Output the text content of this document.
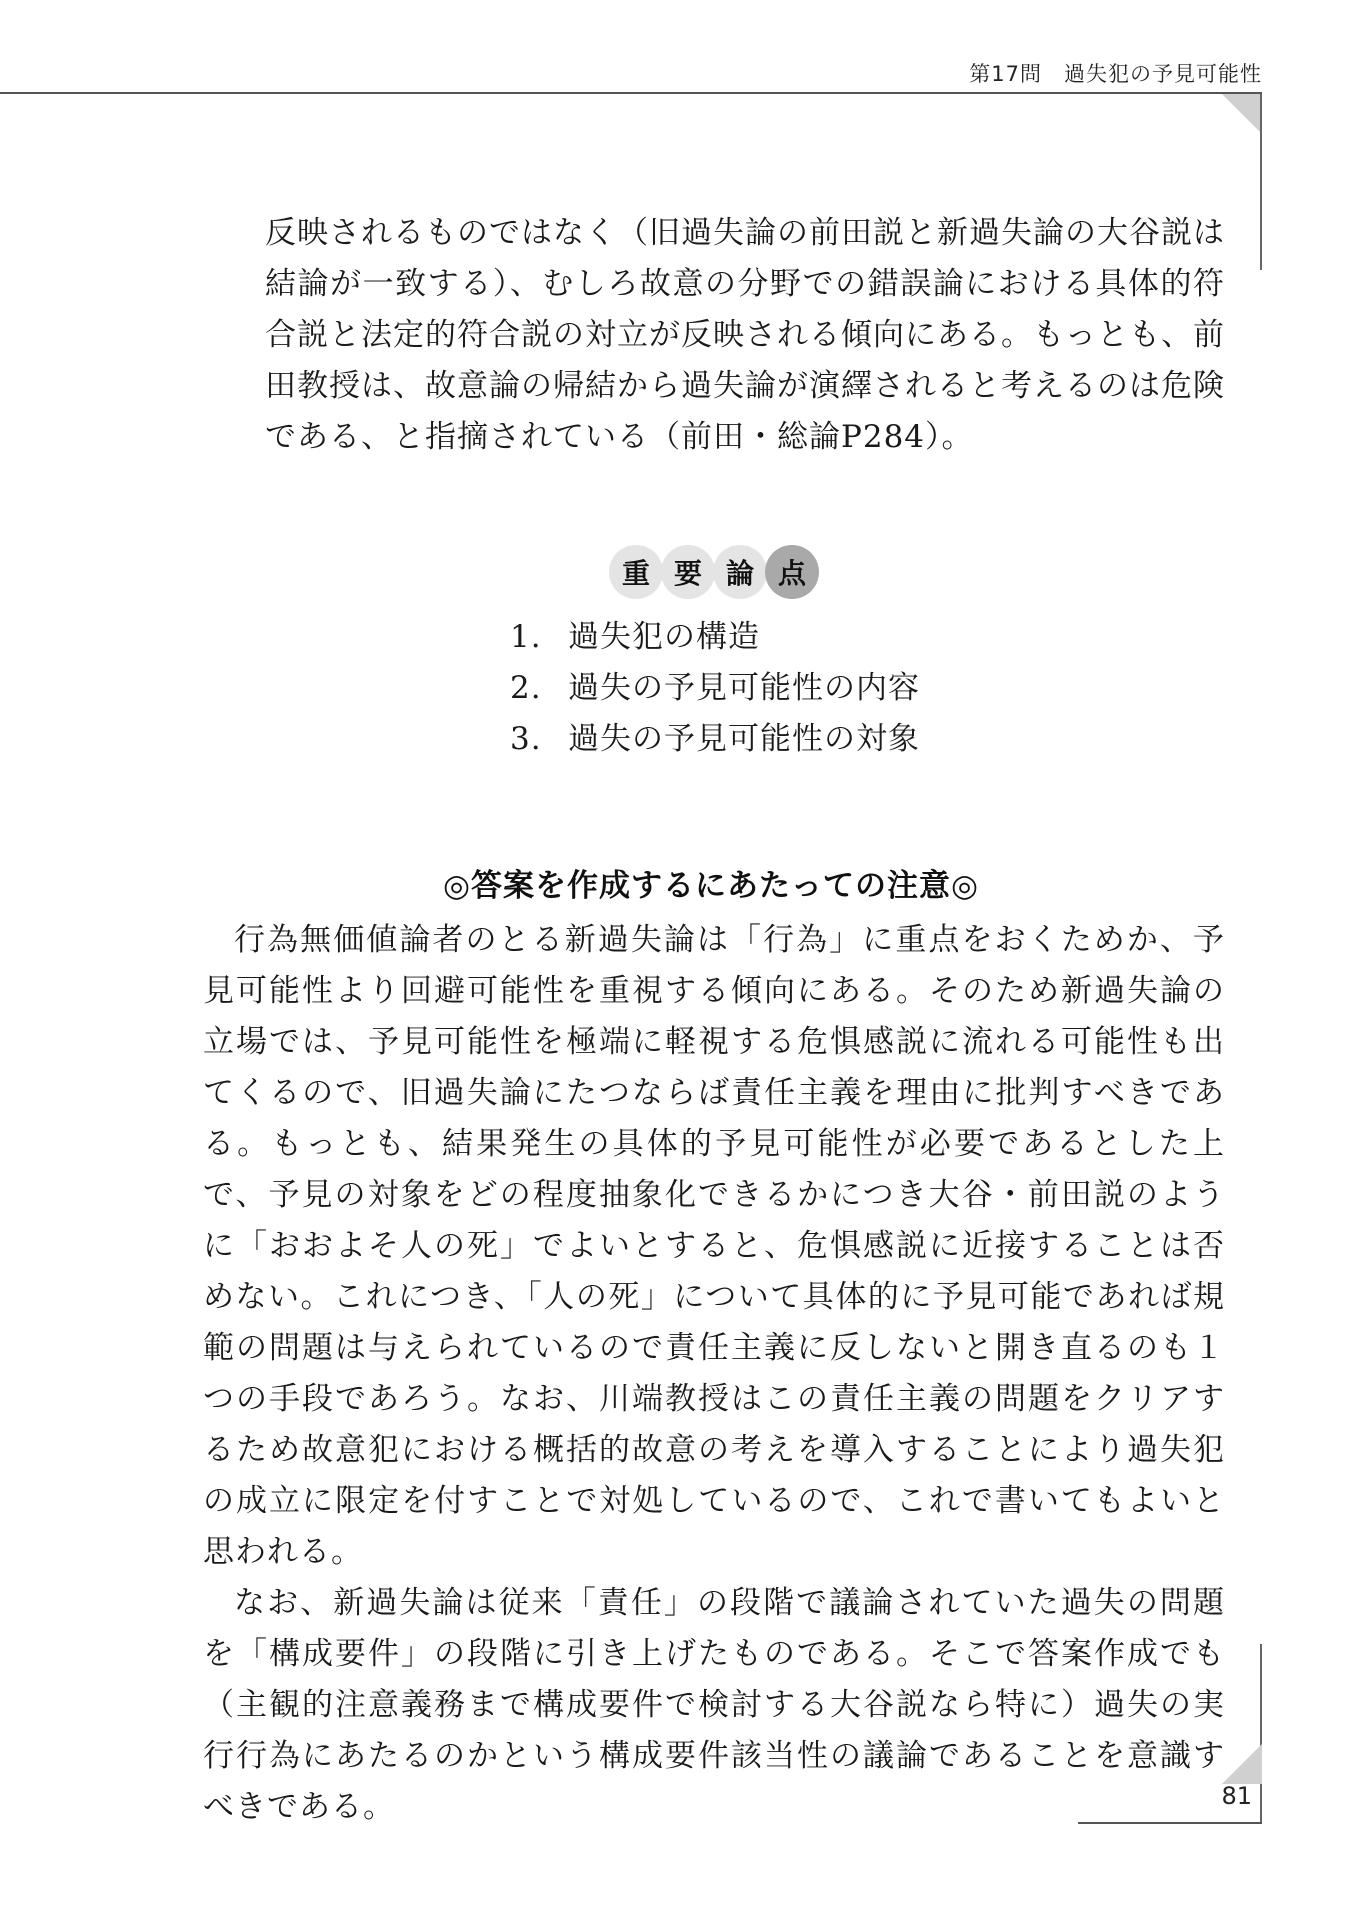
第17問　過失犯の予見可能性

反映されるものではなく（旧過失論の前田説と新過失論の大谷説は結論が一致する）、むしろ故意の分野での錯誤論における具体的符合説と法定的符合説の対立が反映される傾向にある。もっとも、前田教授は、故意論の帰結から過失論が演繹されると考えるのは危険である、と指摘されている（前田・総論P284）。

重 要 論 点
1. 過失犯の構造
2. 過失の予見可能性の内容
3. 過失の予見可能性の対象
◎答案を作成するにあたっての注意◎

行為無価値論者のとる新過失論は「行為」に重点をおくためか、予見可能性より回避可能性を重視する傾向にある。そのため新過失論の立場では、予見可能性を極端に軽視する危惧感説に流れる可能性も出てくるので、旧過失論にたつならば責任主義を理由に批判すべきである。もっとも、結果発生の具体的予見可能性が必要であるとした上で、予見の対象をどの程度抽象化できるかにつき大谷・前田説のように「おおよそ人の死」でよいとすると、危惧感説に近接することは否めない。これにつき、「人の死」について具体的に予見可能であれば規範の問題は与えられているので責任主義に反しないと開き直るのも１つの手段であろう。なお、川端教授はこの責任主義の問題をクリアするため故意犯における概括的故意の考えを導入することにより過失犯の成立に限定を付すことで対処しているので、これで書いてもよいと思われる。

なお、新過失論は従来「責任」の段階で議論されていた過失の問題を「構成要件」の段階に引き上げたものである。そこで答案作成でも（主観的注意義務まで構成要件で検討する大谷説なら特に）過失の実行行為にあたるのかという構成要件該当性の議論であることを意識すべきである。	81
